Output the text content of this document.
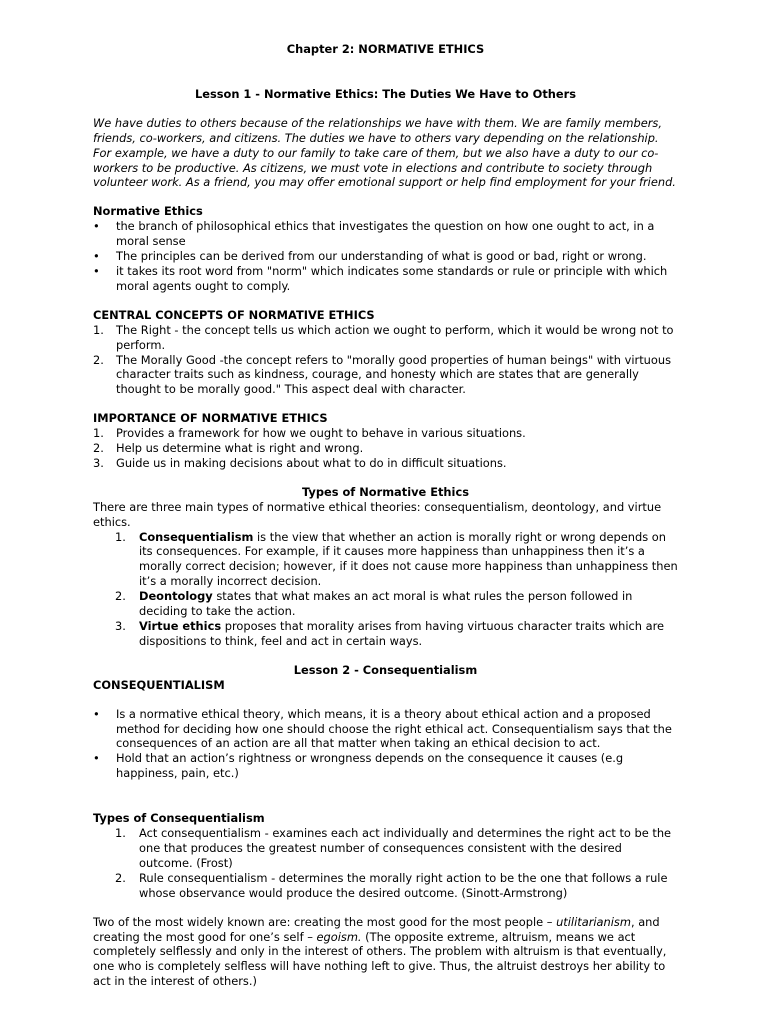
Chapter 2: NORMATIVE ETHICS

Lesson 1 - Normative Ethics: The Duties We Have to Others

We have duties to others because of the relationships we have with them. We are family members, friends, co-workers, and citizens. The duties we have to others vary depending on the relationship. For example, we have a duty to our family to take care of them, but we also have a duty to our co-workers to be productive. As citizens, we must vote in elections and contribute to society through volunteer work. As a friend, you may offer emotional support or help find employment for your friend.

Normative Ethics

•	the branch of philosophical ethics that investigates the question on how one ought to act, in a moral sense
•	The principles can be derived from our understanding of what is good or bad, right or wrong.
•	it takes its root word from "norm" which indicates some standards or rule or principle with which moral agents ought to comply.

CENTRAL CONCEPTS OF NORMATIVE ETHICS

1.	The Right - the concept tells us which action we ought to perform, which it would be wrong not to perform.
2.	The Morally Good -the concept refers to "morally good properties of human beings" with virtuous character traits such as kindness, courage, and honesty which are states that are generally thought to be morally good." This aspect deal with character.

IMPORTANCE OF NORMATIVE ETHICS

1.	Provides a framework for how we ought to behave in various situations.
2.	Help us determine what is right and wrong.
3.	Guide us in making decisions about what to do in difficult situations.

Types of Normative Ethics

There are three main types of normative ethical theories: consequentialism, deontology, and virtue ethics.

1.	Consequentialism is the view that whether an action is morally right or wrong depends on its consequences. For example, if it causes more happiness than unhappiness then it’s a morally correct decision; however, if it does not cause more happiness than unhappiness then it’s a morally incorrect decision.
2.	Deontology states that what makes an act moral is what rules the person followed in deciding to take the action.
3.	Virtue ethics proposes that morality arises from having virtuous character traits which are dispositions to think, feel and act in certain ways.

Lesson 2 - Consequentialism

CONSEQUENTIALISM

•	Is a normative ethical theory, which means, it is a theory about ethical action and a proposed method for deciding how one should choose the right ethical act. Consequentialism says that the consequences of an action are all that matter when taking an ethical decision to act.
•	Hold that an action’s rightness or wrongness depends on the consequence it causes (e.g happiness, pain, etc.)

Types of Consequentialism

1.	Act consequentialism - examines each act individually and determines the right act to be the one that produces the greatest number of consequences consistent with the desired outcome. (Frost)
2.	Rule consequentialism - determines the morally right action to be the one that follows a rule whose observance would produce the desired outcome. (Sinott-Armstrong)

Two of the most widely known are: creating the most good for the most people – utilitarianism, and creating the most good for one’s self – egoism. (The opposite extreme, altruism, means we act completely selflessly and only in the interest of others. The problem with altruism is that eventually, one who is completely selfless will have nothing left to give. Thus, the altruist destroys her ability to act in the interest of others.)
